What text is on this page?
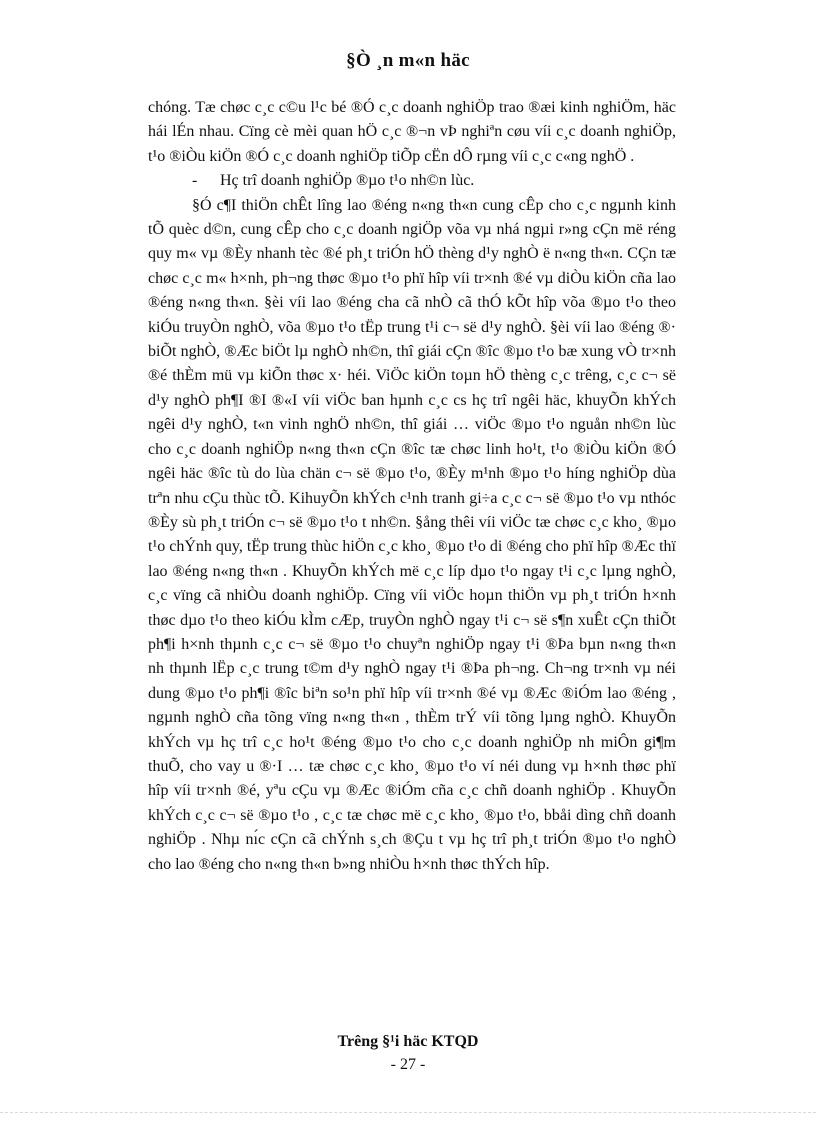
§Ò ¸n m«n häc

chóng. Tæ chøc c¸c c©u l¹c bé ®Ó c¸c doanh nghiÖp trao ®æi kinh nghiÖm, häc hái lÉn nhau. Cïng cè mèi quan hÖ c¸c ®¬n vÞ nghiªn cøu víi c¸c doanh nghiÖp, t¹o ®iÒu kiÖn ®Ó c¸c doanh nghiÖp tiÕp cËn dÔ rµng víi c¸c c«ng nghÖ .

- Hç trî doanh nghiÖp ®µo t¹o nh©n lùc.

§Ó c¶I thiÖn chÊt lîng lao ®éng n«ng th«n cung cÊp cho c¸c ngµnh kinh tÕ quèc d©n, cung cÊp cho c¸c doanh ngiÖp võa vµ nhá ngµi r»ng cÇn më réng quy m« vµ ®Èy nhanh tèc ®é ph¸t triÓn hÖ thèng d¹y nghÒ ë n«ng th«n. CÇn tæ chøc c¸c m« h×nh, ph¬ng thøc ®µo t¹o phï hîp víi tr×nh ®é vµ diÒu kiÖn cña lao ®éng n«ng th«n. §èi víi lao ®éng cha cã nhÒ cã thÓ kÕt hîp võa ®µo t¹o theo kiÓu truyÒn nghÒ, võa ®µo t¹o tËp trung t¹i c¬ së d¹y nghÒ. §èi víi lao ®éng ®· biÕt nghÒ, ®Æc biÖt lµ nghÒ nh©n, thî giái cÇn ®îc ®µo t¹o bæ xung vÒ tr×nh ®é thÈm mü vµ kiÕn thøc x· héi. ViÖc kiÖn toµn hÖ thèng c¸c trêng, c¸c c¬ së d¹y nghÒ ph¶I ®I ®«I víi viÖc ban hµnh c¸c cs hç trî ngêi häc, khuyÕn khÝch ngêi d¹y nghÒ, t«n vinh nghÖ nh©n, thî giái … viÖc ®µo t¹o nguån nh©n lùc cho c¸c doanh nghiÖp n«ng th«n cÇn ®îc tæ chøc linh ho¹t, t¹o ®iÒu kiÖn ®Ó ngêi häc ®îc tù do lùa chän c¬ së ®µo t¹o, ®Èy m¹nh ®µo t¹o híng nghiÖp dùa trªn nhu cÇu thùc tÕ. KihuyÕn khÝch c¹nh tranh gi÷a c¸c c¬ së ®µo t¹o vµ nthóc ®Èy sù ph¸t triÓn c¬ së ®µo t¹o t nh©n. §ång thêi víi viÖc tæ chøc c¸c kho¸ ®µo t¹o chÝnh quy, tËp trung thùc hiÖn c¸c kho¸ ®µo t¹o di ®éng cho phï hîp ®Æc thï lao ®éng n«ng th«n . KhuyÕn khÝch më c¸c líp dµo t¹o ngay t¹i c¸c lµng nghÒ, c¸c vïng cã nhiÒu doanh nghiÖp. Cïng víi viÖc hoµn thiÖn vµ ph¸t triÓn h×nh thøc dµo t¹o theo kiÓu kÌm cÆp, truyÒn nghÒ ngay t¹i c¬ së s¶n xuÊt cÇn thiÕt ph¶i h×nh thµnh c¸c c¬ së ®µo t¹o chuyªn nghiÖp ngay t¹i ®Þa bµn n«ng th«n nh thµnh lËp c¸c trung t©m d¹y nghÒ ngay t¹i ®Þa ph¬ng. Ch¬ng tr×nh vµ néi dung ®µo t¹o ph¶i ®îc biªn so¹n phï hîp víi tr×nh ®é vµ ®Æc ®iÓm lao ®éng , ngµnh nghÒ cña tõng vïng n«ng th«n , thÈm trÝ víi tõng lµng nghÒ. KhuyÕn khÝch vµ hç trî c¸c ho¹t ®éng ®µo t¹o cho c¸c doanh nghiÖp nh miÔn gi¶m thuÕ, cho vay u ®·I … tæ chøc c¸c kho¸ ®µo t¹o ví néi dung vµ h×nh thøc phï hîp víi tr×nh ®é, yªu cÇu vµ ®Æc ®iÓm cña c¸c chñ doanh nghiÖp . KhuyÕn khÝch c¸c c¬ së ®µo t¹o , c¸c tæ chøc më c¸c kho¸ ®µo t¹o, bbåi dìng chñ doanh nghiÖp . Nhµ nı́c cÇn cã chÝnh s¸ch ®Çu t vµ hç trî ph¸t triÓn ®µo t¹o nghÒ cho lao ®éng cho n«ng th«n b»ng nhiÒu h×nh thøc thÝch hîp.

Trêng §¹i häc KTQD
- 27 -
